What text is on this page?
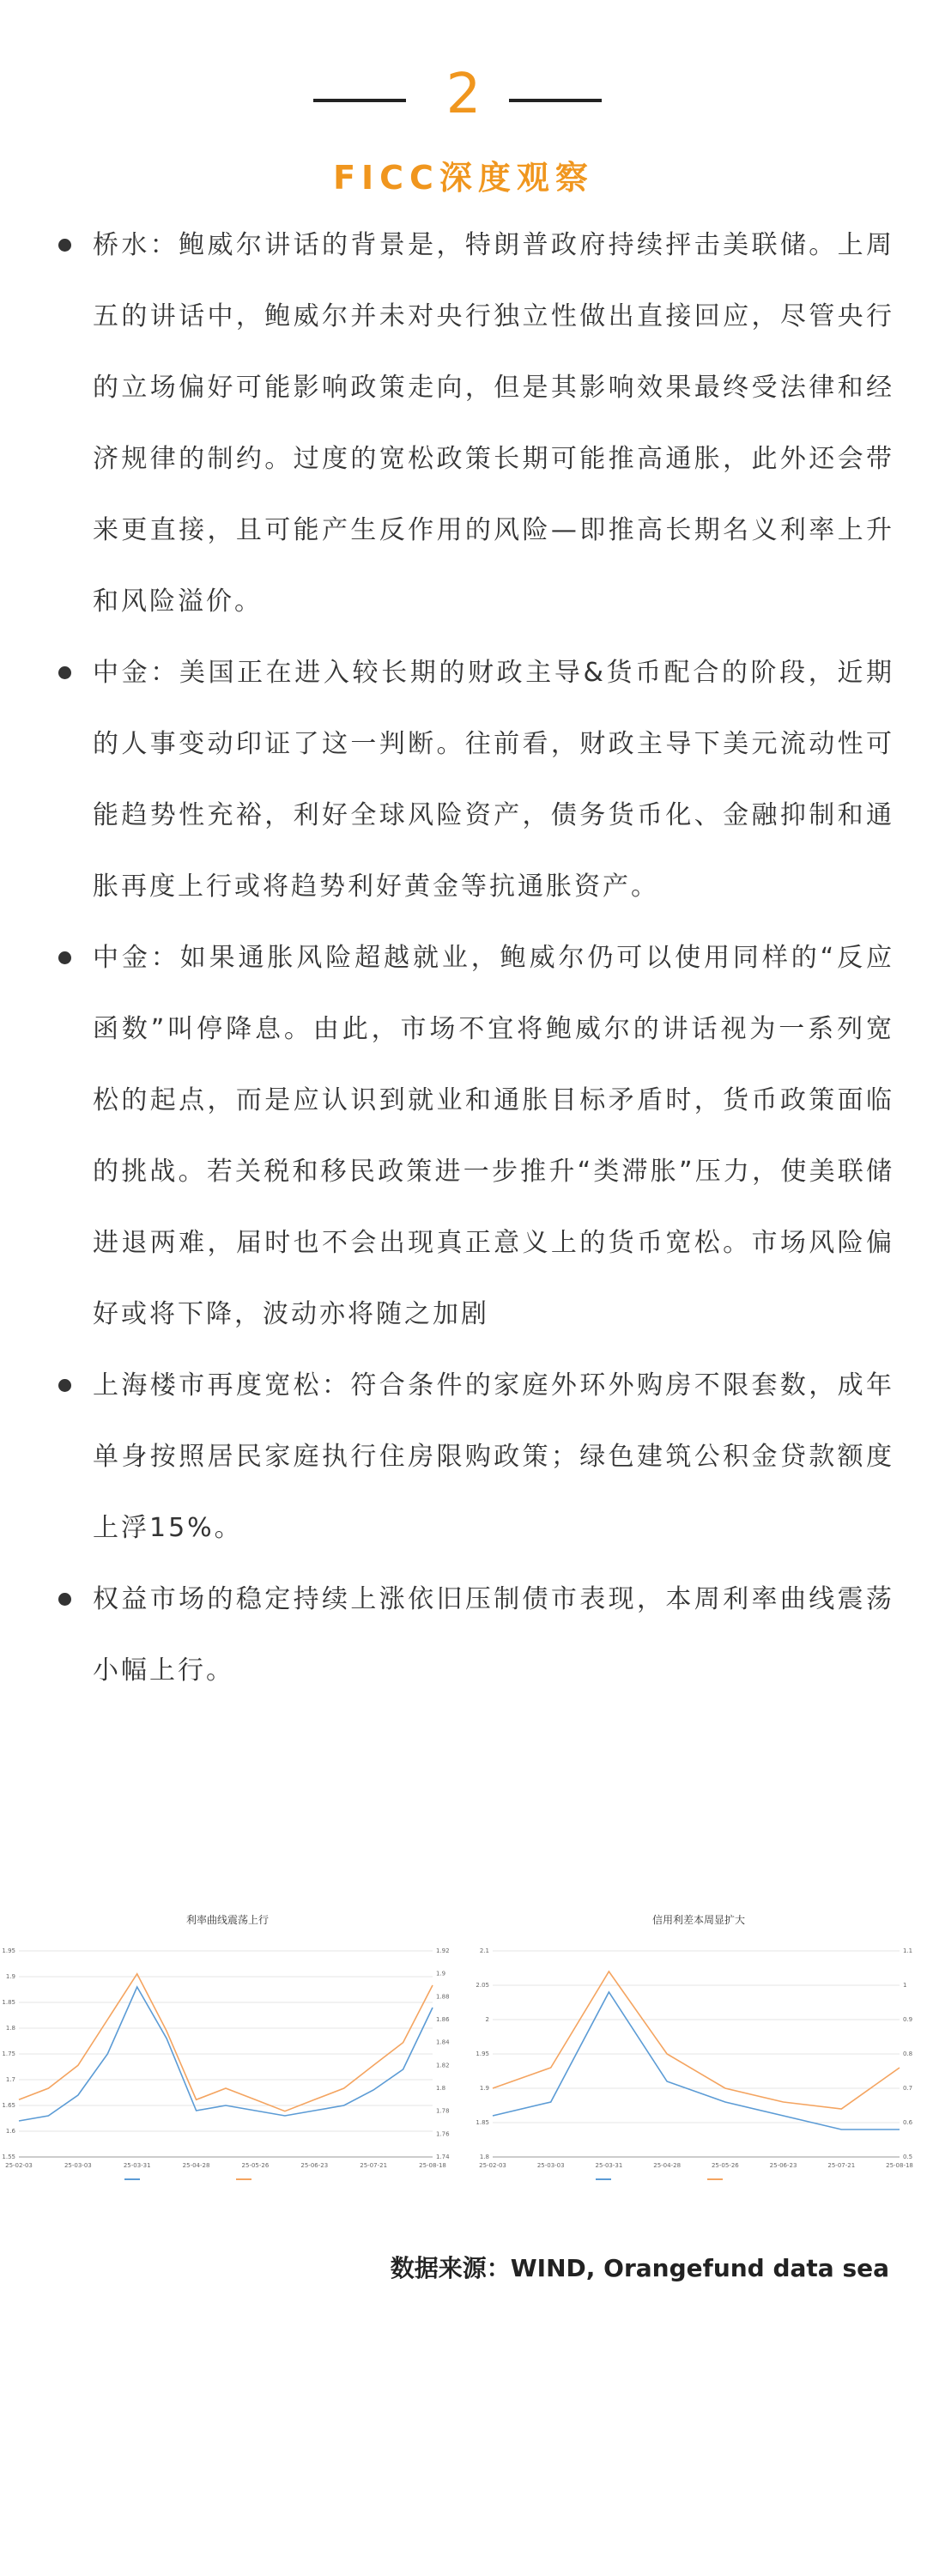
2
FICC深度观察
桥水：鲍威尔讲话的背景是，特朗普政府持续抨击美联储。上周五的讲话中，鲍威尔并未对央行独立性做出直接回应，尽管央行的立场偏好可能影响政策走向，但是其影响效果最终受法律和经济规律的制约。过度的宽松政策长期可能推高通胀，此外还会带来更直接，且可能产生反作用的风险—即推高长期名义利率上升和风险溢价。
中金：美国正在进入较长期的财政主导&货币配合的阶段，近期的人事变动印证了这一判断。往前看，财政主导下美元流动性可能趋势性充裕，利好全球风险资产，债务货币化、金融抑制和通胀再度上行或将趋势利好黄金等抗通胀资产。
中金：如果通胀风险超越就业，鲍威尔仍可以使用同样的“反应函数”叫停降息。由此，市场不宜将鲍威尔的讲话视为一系列宽松的起点，而是应认识到就业和通胀目标矛盾时，货币政策面临的挑战。若关税和移民政策进一步推升“类滞胀”压力，使美联储进退两难，届时也不会出现真正意义上的货币宽松。市场风险偏好或将下降，波动亦将随之加剧
上海楼市再度宽松：符合条件的家庭外环外购房不限套数，成年单身按照居民家庭执行住房限购政策；绿色建筑公积金贷款额度上浮15%。
权益市场的稳定持续上涨依旧压制债市表现，本周利率曲线震荡小幅上行。
利率曲线震荡上行
1.55
1.6
1.65
1.7
1.75
1.8
1.85
1.9
1.95
1.74
1.76
1.78
1.8
1.82
1.84
1.86
1.88
1.9
1.92
25-02-03	25-03-03	25-03-31	25-04-28	25-05-26	25-06-23	25-07-21	25-08-18
信用利差本周显扩大
1.8
1.85
1.9
1.95
2
2.05
2.1
0.5
0.6
0.7
0.8
0.9
1
1.1
25-02-03	25-03-03	25-03-31	25-04-28	25-05-26	25-06-23	25-07-21	25-08-18
数据来源：WIND, Orangefund data sea
